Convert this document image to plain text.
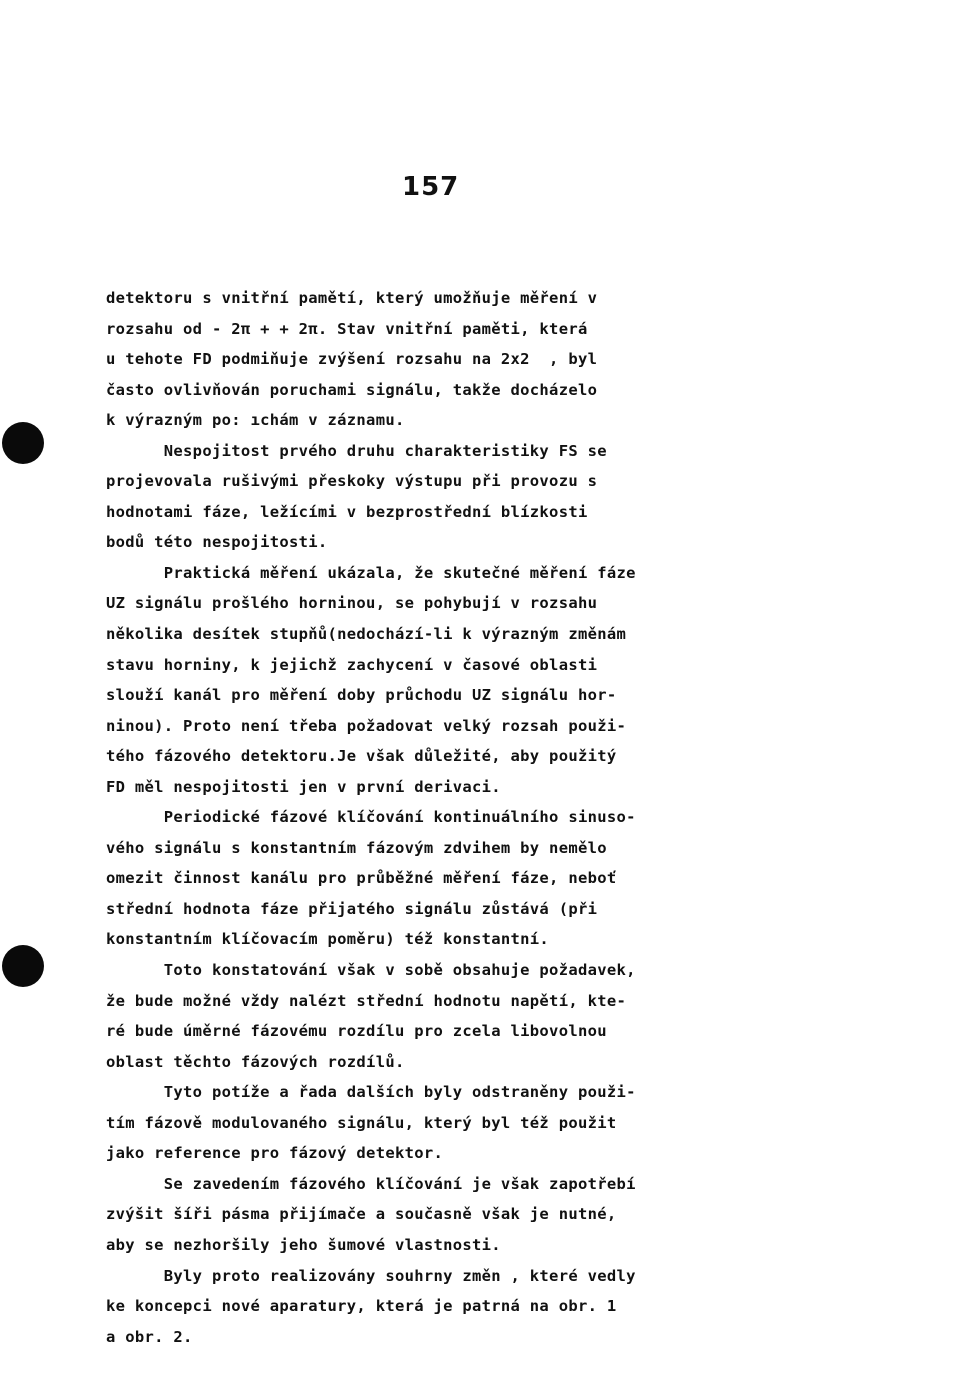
157
detektoru s vnitřní pamětí, který umožňuje měření v
rozsahu od - 2π + + 2π. Stav vnitřní paměti, která
u tehote FD podmiňuje zvýšení rozsahu na 2x2  , byl
často ovlivňován poruchami signálu, takže docházelo
k výrazným po: ıchám v záznamu.
Nespojitost prvého druhu charakteristiky FS se
projevovala rušivými přeskoky výstupu při provozu s
hodnotami fáze, ležícími v bezprostřední blízkosti
bodů této nespojitosti.
Praktická měření ukázala, že skutečné měření fáze
UZ signálu prošlého horninou, se pohybují v rozsahu
několika desítek stupňů(nedochází-li k výrazným změnám
stavu horniny, k jejichž zachycení v časové oblasti
slouží kanál pro měření doby průchodu UZ signálu hor-
ninou). Proto není třeba požadovat velký rozsah použi-
tého fázového detektoru.Je však důležité, aby použitý
FD měl nespojitosti jen v první derivaci.
Periodické fázové klíčování kontinuálního sinuso-
vého signálu s konstantním fázovým zdvihem by nemělo
omezit činnost kanálu pro průběžné měření fáze, neboť
střední hodnota fáze přijatého signálu zůstává (při
konstantním klíčovacím poměru) též konstantní.
Toto konstatování však v sobě obsahuje požadavek,
že bude možné vždy nalézt střední hodnotu napětí, kte-
ré bude úměrné fázovému rozdílu pro zcela libovolnou
oblast těchto fázových rozdílů.
Tyto potíže a řada dalších byly odstraněny použi-
tím fázově modulovaného signálu, který byl též použit
jako reference pro fázový detektor.
Se zavedením fázového klíčování je však zapotřebí
zvýšit šíři pásma přijímače a současně však je nutné,
aby se nezhoršily jeho šumové vlastnosti.
Byly proto realizovány souhrny změn , které vedly
ke koncepci nové aparatury, která je patrná na obr. 1
a obr. 2.
